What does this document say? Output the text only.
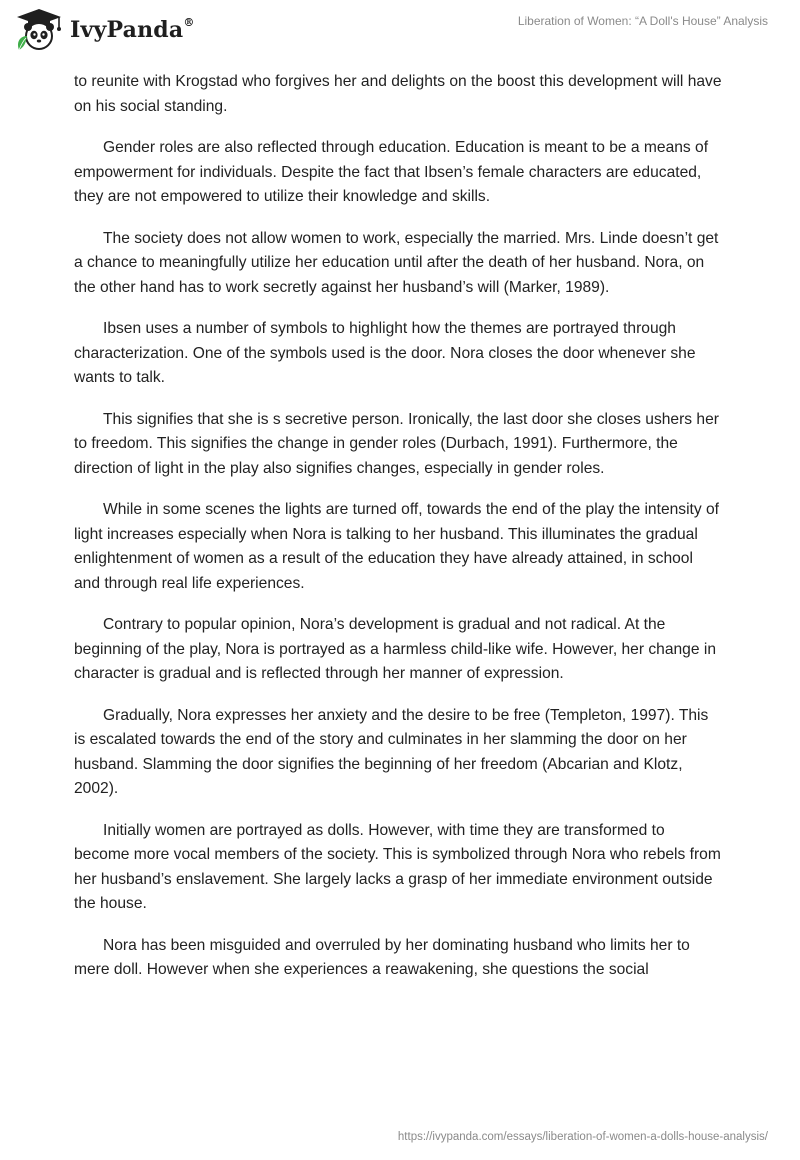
IvyPanda®	Liberation of Women: “A Doll's House” Analysis

to reunite with Krogstad who forgives her and delights on the boost this development will have on his social standing.

Gender roles are also reflected through education. Education is meant to be a means of empowerment for individuals. Despite the fact that Ibsen’s female characters are educated, they are not empowered to utilize their knowledge and skills.

The society does not allow women to work, especially the married. Mrs. Linde doesn’t get a chance to meaningfully utilize her education until after the death of her husband. Nora, on the other hand has to work secretly against her husband’s will (Marker, 1989).

Ibsen uses a number of symbols to highlight how the themes are portrayed through characterization. One of the symbols used is the door. Nora closes the door whenever she wants to talk.

This signifies that she is s secretive person. Ironically, the last door she closes ushers her to freedom. This signifies the change in gender roles (Durbach, 1991). Furthermore, the direction of light in the play also signifies changes, especially in gender roles.

While in some scenes the lights are turned off, towards the end of the play the intensity of light increases especially when Nora is talking to her husband. This illuminates the gradual enlightenment of women as a result of the education they have already attained, in school and through real life experiences.

Contrary to popular opinion, Nora’s development is gradual and not radical. At the beginning of the play, Nora is portrayed as a harmless child-like wife. However, her change in character is gradual and is reflected through her manner of expression.

Gradually, Nora expresses her anxiety and the desire to be free (Templeton, 1997). This is escalated towards the end of the story and culminates in her slamming the door on her husband. Slamming the door signifies the beginning of her freedom (Abcarian and Klotz, 2002).

Initially women are portrayed as dolls. However, with time they are transformed to become more vocal members of the society. This is symbolized through Nora who rebels from her husband’s enslavement. She largely lacks a grasp of her immediate environment outside the house.

Nora has been misguided and overruled by her dominating husband who limits her to mere doll. However when she experiences a reawakening, she questions the social

https://ivypanda.com/essays/liberation-of-women-a-dolls-house-analysis/
